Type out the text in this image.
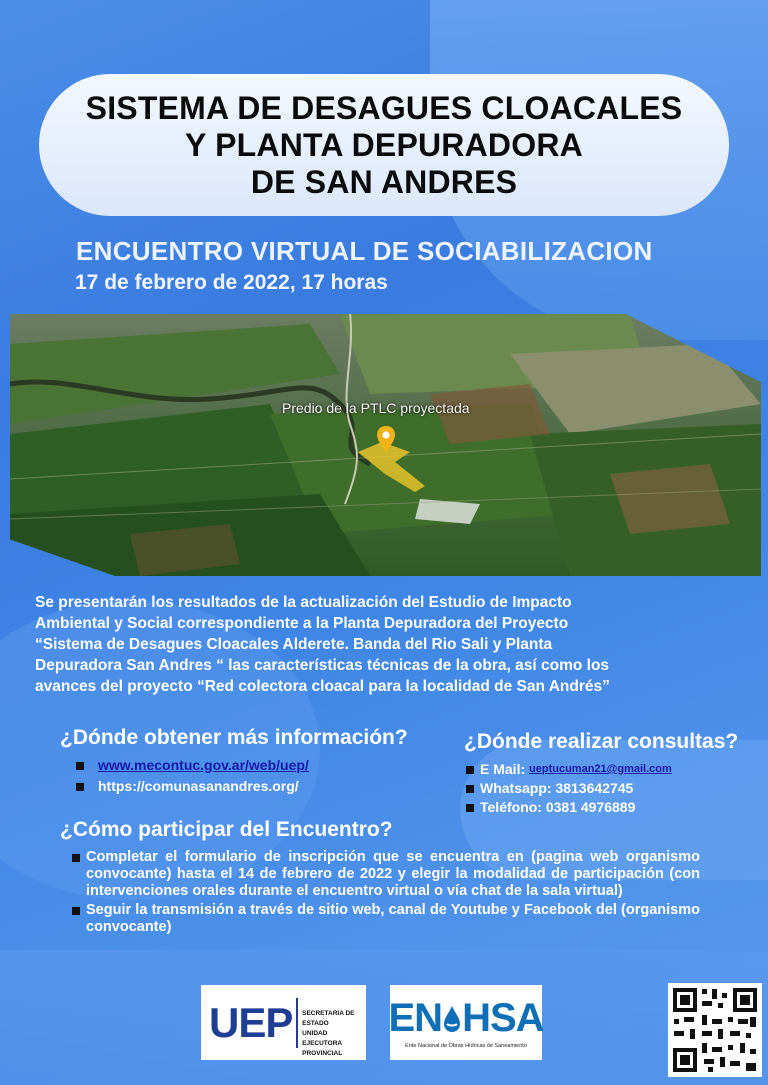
SISTEMA DE DESAGUES CLOACALES
Y PLANTA DEPURADORA
DE SAN ANDRES
ENCUENTRO VIRTUAL DE SOCIABILIZACION
17 de febrero de 2022, 17 horas
Predio de la PTLC proyectada
Se presentarán los resultados de la actualización del Estudio de Impacto
Ambiental y Social correspondiente a la Planta Depuradora del Proyecto
“Sistema de Desagues Cloacales Alderete. Banda del Rio Sali y Planta
Depuradora San Andres “ las características técnicas de la obra, así como los
avances del proyecto “Red colectora cloacal para la localidad de San Andrés”
¿Dónde obtener más información?
www.mecontuc.gov.ar/web/uep/
https://comunasanandres.org/
¿Dónde realizar consultas?
E Mail:
ueptucuman21@gmail.com
Whatsapp: 3813642745
Teléfono: 0381 4976889
¿Cómo participar del Encuentro?
Completar el formulario de inscripción que se encuentra en (pagina web organismo convocante) hasta el 14 de febrero de 2022 y elegir la modalidad de participación (con intervenciones orales durante el encuentro virtual o vía chat de la sala virtual)
Seguir la transmisión a través de sitio web, canal de Youtube y Facebook del (organismo convocante)
UEP SECRETARIA DE ESTADO
UNIDAD EJECUTORA PROVINCIAL
EN HSA
Ente Nacional de Obras Hídricas de Saneamiento
